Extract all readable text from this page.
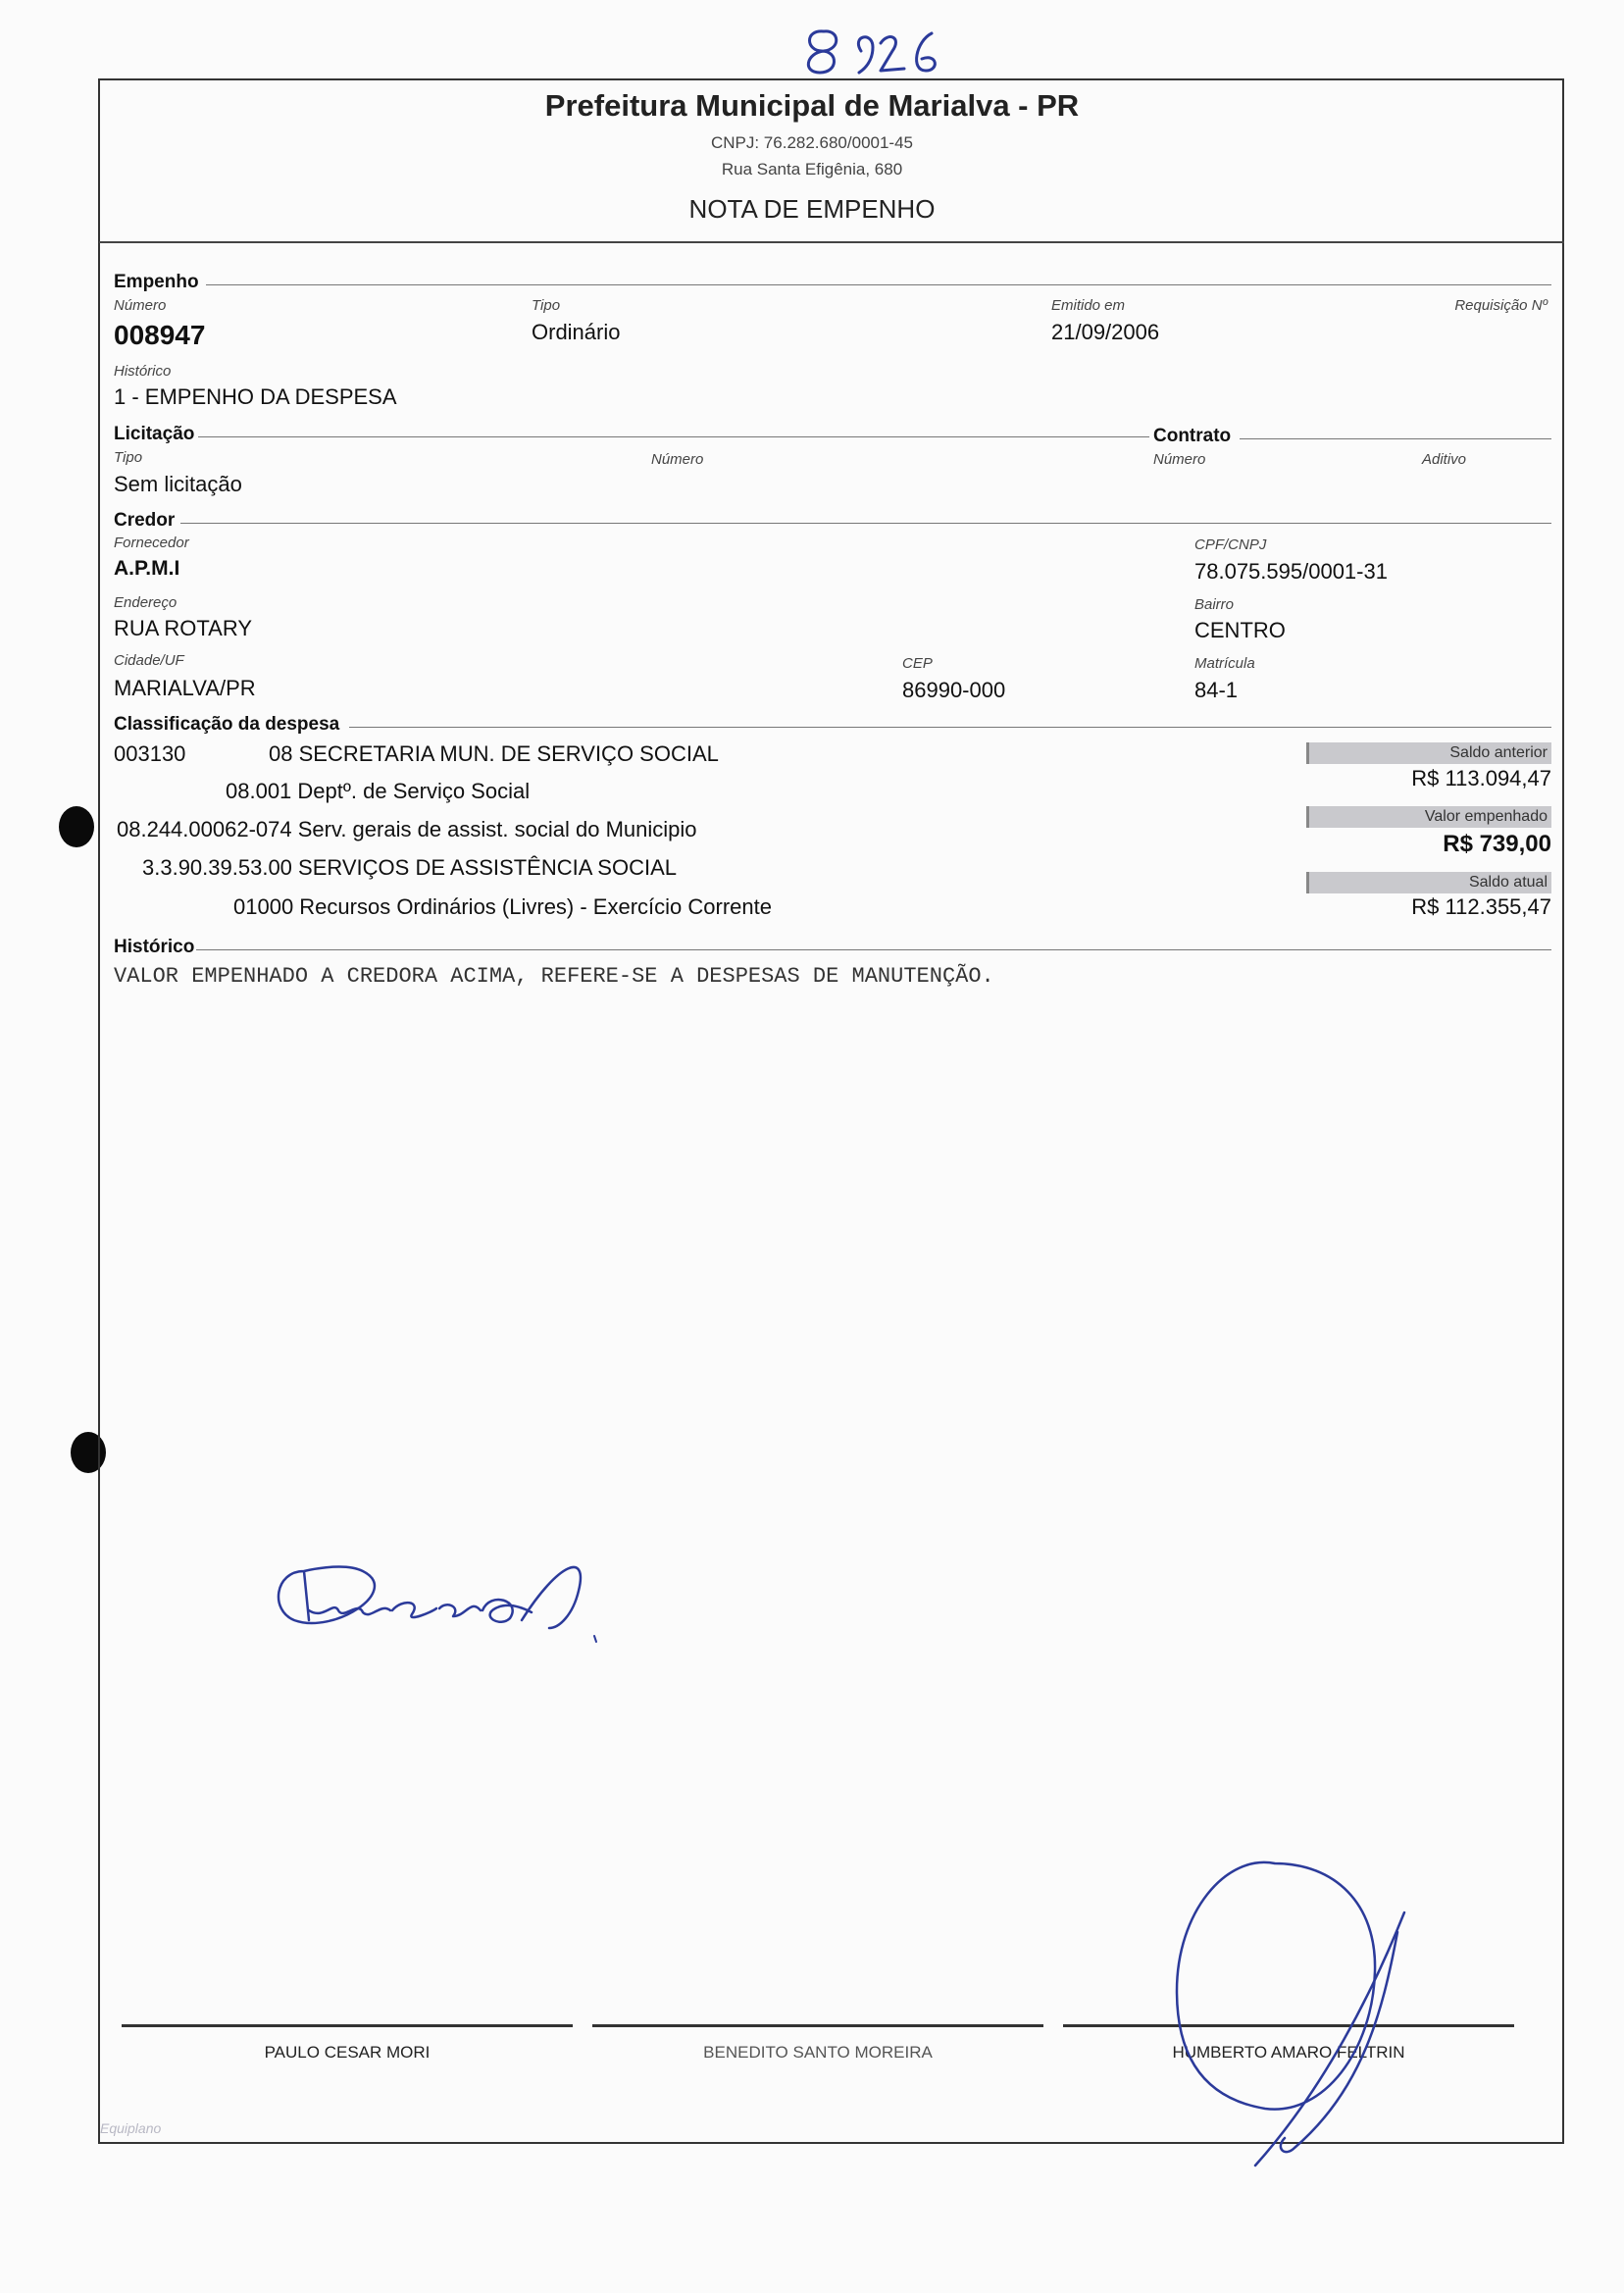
Prefeitura Municipal de Marialva - PR
CNPJ: 76.282.680/0001-45
Rua Santa Efigênia, 680
NOTA DE EMPENHO
Empenho
Número
008947
Tipo
Ordinário
Emitido em
21/09/2006
Requisição Nº
Histórico
1 - EMPENHO DA DESPESA
Licitação	Contrato
Tipo
Sem licitação
Número	Número	Aditivo
Credor
Fornecedor
A.P.M.I
CPF/CNPJ
78.075.595/0001-31
Endereço
RUA ROTARY
Bairro
CENTRO
Cidade/UF
MARIALVA/PR
CEP
86990-000
Matrícula
84-1
Classificação da despesa
003130	08 SECRETARIA MUN. DE SERVIÇO SOCIAL
08.001 Deptº. de Serviço Social
08.244.00062-074 Serv. gerais de assist. social do Municipio
3.3.90.39.53.00 SERVIÇOS DE ASSISTÊNCIA SOCIAL
01000 Recursos Ordinários (Livres) - Exercício Corrente
Saldo anterior
R$ 113.094,47
Valor empenhado
R$ 739,00
Saldo atual
R$ 112.355,47
Histórico
VALOR EMPENHADO A CREDORA ACIMA, REFERE-SE A DESPESAS DE MANUTENÇÃO.
PAULO CESAR MORI	BENEDITO SANTO MOREIRA	HUMBERTO AMARO FELTRIN
Equiplano
